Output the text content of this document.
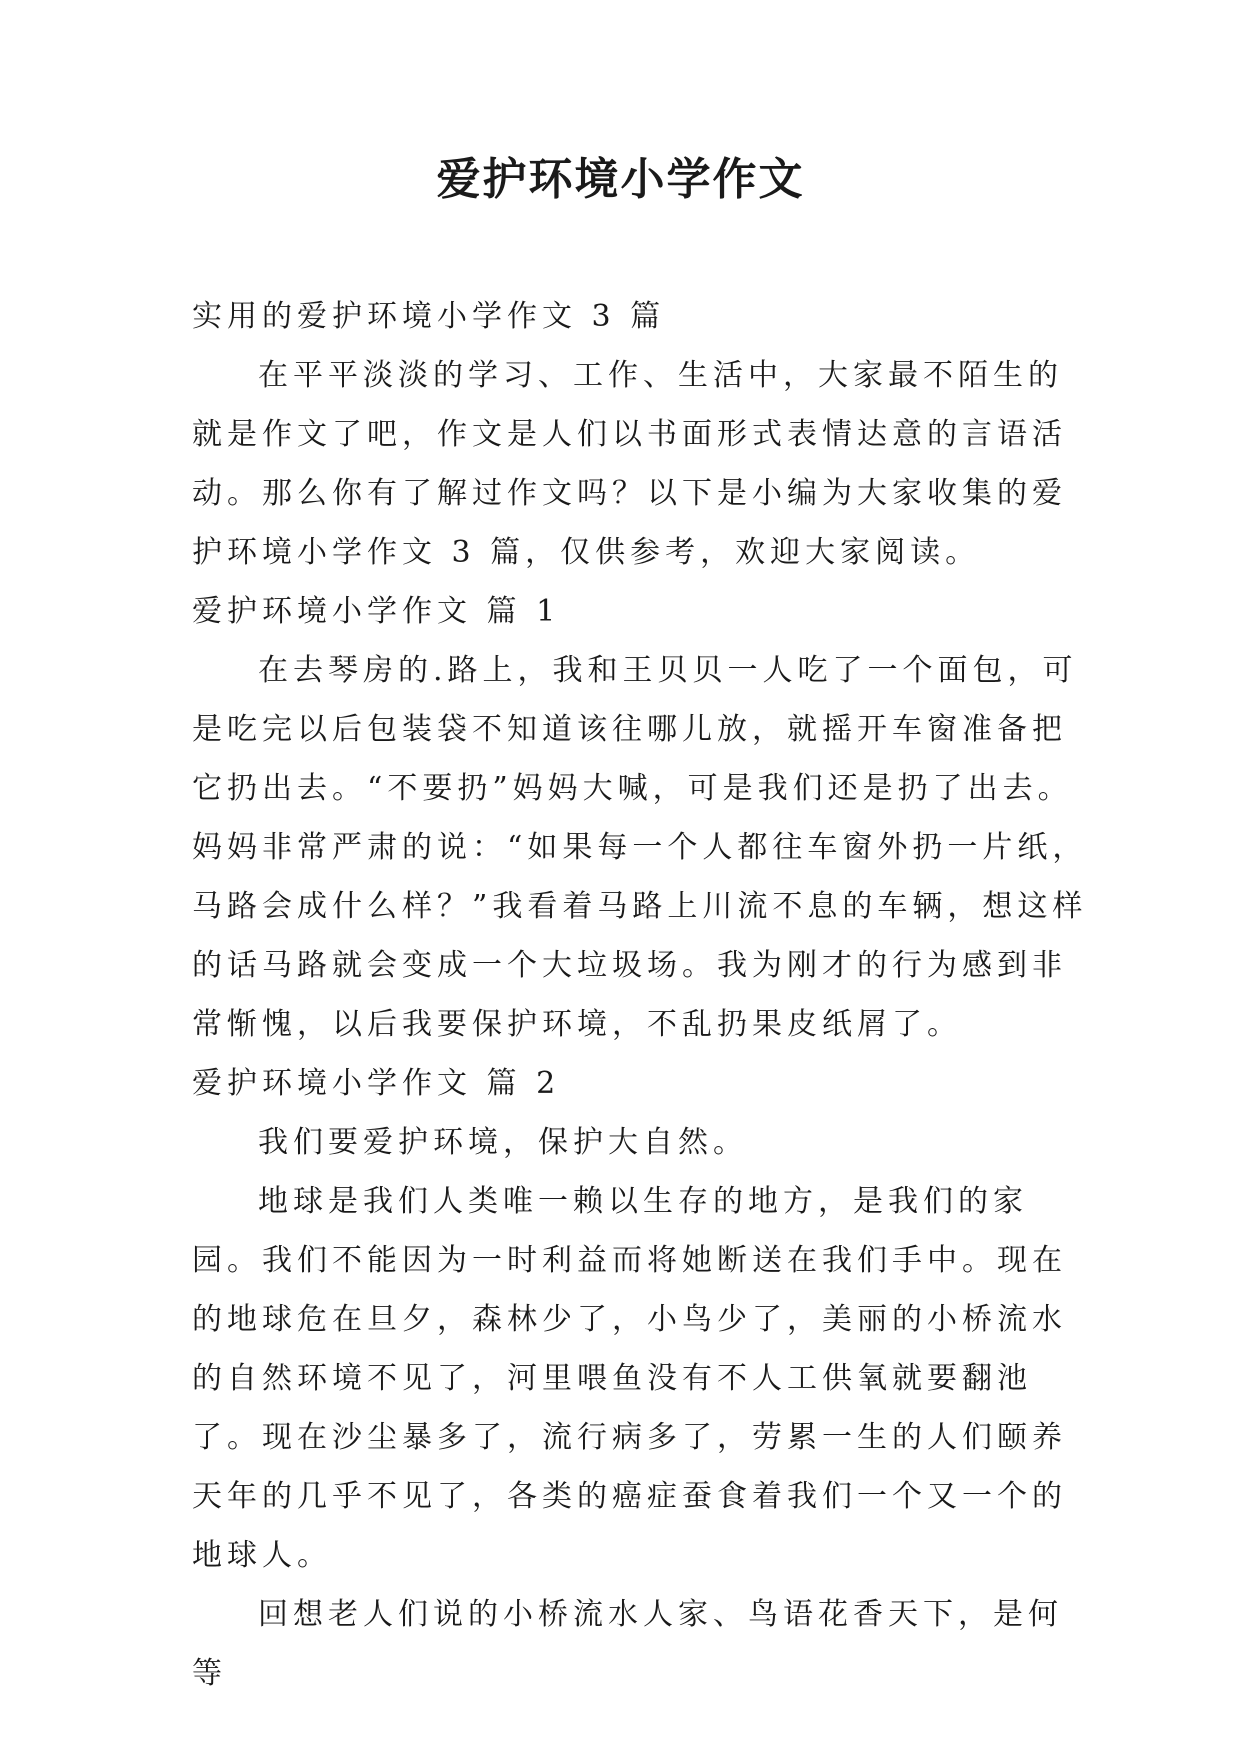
爱护环境小学作文

实用的爱护环境小学作文 3 篇

在平平淡淡的学习、工作、生活中，大家最不陌生的就是作文了吧，作文是人们以书面形式表情达意的言语活动。那么你有了解过作文吗？以下是小编为大家收集的爱护环境小学作文 3 篇，仅供参考，欢迎大家阅读。

爱护环境小学作文 篇 1

在去琴房的.路上，我和王贝贝一人吃了一个面包，可是吃完以后包装袋不知道该往哪儿放，就摇开车窗准备把它扔出去。“不要扔”妈妈大喊，可是我们还是扔了出去。妈妈非常严肃的说：“如果每一个人都往车窗外扔一片纸，马路会成什么样？”我看着马路上川流不息的车辆，想这样的话马路就会变成一个大垃圾场。我为刚才的行为感到非常惭愧，以后我要保护环境，不乱扔果皮纸屑了。

爱护环境小学作文 篇 2

我们要爱护环境，保护大自然。

地球是我们人类唯一赖以生存的地方，是我们的家园。我们不能因为一时利益而将她断送在我们手中。现在的地球危在旦夕，森林少了，小鸟少了，美丽的小桥流水的自然环境不见了，河里喂鱼没有不人工供氧就要翻池了。现在沙尘暴多了，流行病多了，劳累一生的人们颐养天年的几乎不见了，各类的癌症蚕食着我们一个又一个的地球人。

回想老人们说的小桥流水人家、鸟语花香天下，是何等
